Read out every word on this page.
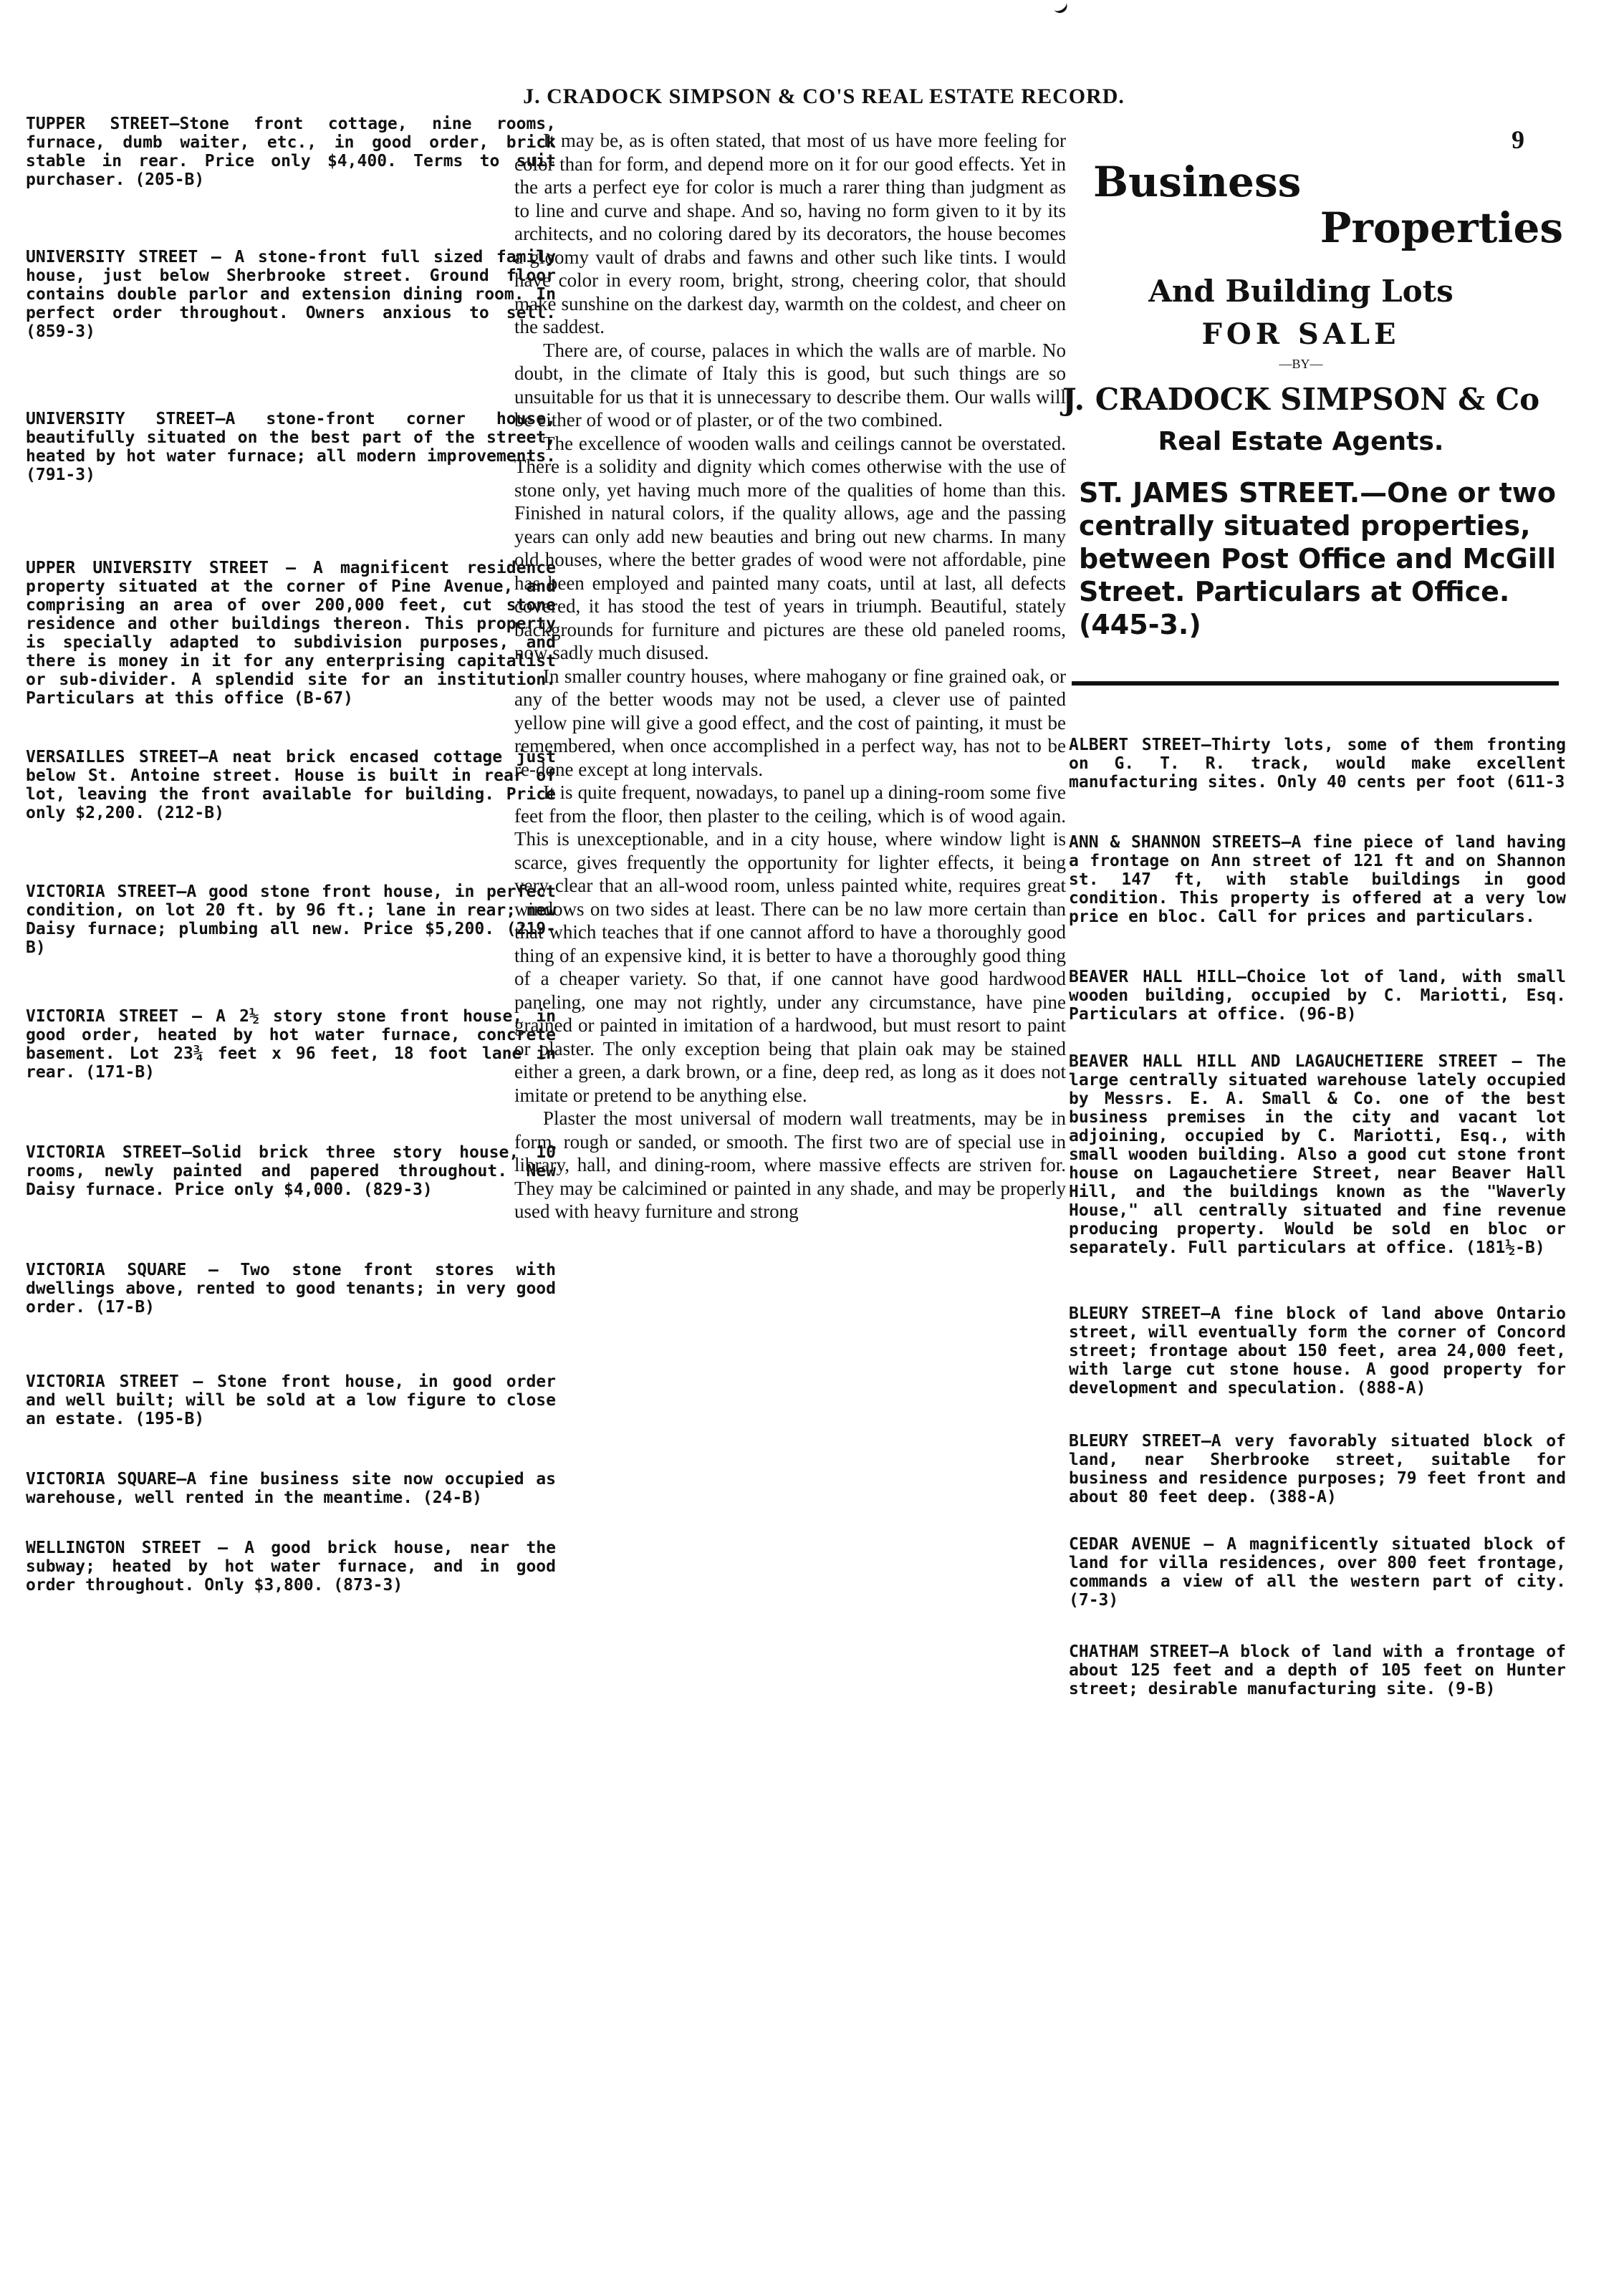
J. CRADOCK SIMPSON & CO'S REAL ESTATE RECORD.
9
TUPPER STREET—Stone front cottage, nine rooms, furnace, dumb waiter, etc., in good order, brick stable in rear. Price only $4,400. Terms to suit purchaser. (205-B)
UNIVERSITY STREET — A stone-front full sized family house, just below Sherbrooke street. Ground floor contains double parlor and extension dining room. In perfect order throughout. Owners anxious to sell. (859-3)
UNIVERSITY STREET—A stone-front corner house, beautifully situated on the best part of the street, heated by hot water furnace; all modern improvements. (791-3)
UPPER UNIVERSITY STREET — A magnificent residence property situated at the corner of Pine Avenue, and comprising an area of over 200,000 feet, cut stone residence and other buildings thereon. This property is specially adapted to subdivision purposes, and there is money in it for any enterprising capitalist or sub-divider. A splendid site for an institution. Particulars at this office (B-67)
VERSAILLES STREET—A neat brick encased cottage just below St. Antoine street. House is built in rear of lot, leaving the front available for building. Price only $2,200. (212-B)
VICTORIA STREET—A good stone front house, in perfect condition, on lot 20 ft. by 96 ft.; lane in rear; new Daisy furnace; plumbing all new. Price $5,200. (219-B)
VICTORIA STREET — A 2½ story stone front house, in good order, heated by hot water furnace, concrete basement. Lot 23¾ feet x 96 feet, 18 foot lane in rear. (171-B)
VICTORIA STREET—Solid brick three story house, 10 rooms, newly painted and papered throughout. New Daisy furnace. Price only $4,000. (829-3)
VICTORIA SQUARE — Two stone front stores with dwellings above, rented to good tenants; in very good order. (17-B)
VICTORIA STREET — Stone front house, in good order and well built; will be sold at a low figure to close an estate. (195-B)
VICTORIA SQUARE—A fine business site now occupied as warehouse, well rented in the meantime. (24-B)
WELLINGTON STREET — A good brick house, near the subway; heated by hot water furnace, and in good order throughout. Only $3,800. (873-3)

It may be, as is often stated, that most of us have more feeling for color than for form, and depend more on it for our good effects. Yet in the arts a perfect eye for color is much a rarer thing than judgment as to line and curve and shape. And so, having no form given to it by its architects, and no coloring dared by its decorators, the house becomes a gloomy vault of drabs and fawns and other such like tints. I would have color in every room, bright, strong, cheering color, that should make sunshine on the darkest day, warmth on the coldest, and cheer on the saddest.

There are, of course, palaces in which the walls are of marble. No doubt, in the climate of Italy this is good, but such things are so unsuitable for us that it is unnecessary to describe them. Our walls will be either of wood or of plaster, or of the two combined.

The excellence of wooden walls and ceilings cannot be overstated. There is a solidity and dignity which comes otherwise with the use of stone only, yet having much more of the qualities of home than this. Finished in natural colors, if the quality allows, age and the passing years can only add new beauties and bring out new charms. In many old houses, where the better grades of wood were not affordable, pine has been employed and painted many coats, until at last, all defects covered, it has stood the test of years in triumph. Beautiful, stately backgrounds for furniture and pictures are these old paneled rooms, now sadly much disused.

In smaller country houses, where mahogany or fine grained oak, or any of the better woods may not be used, a clever use of painted yellow pine will give a good effect, and the cost of painting, it must be remembered, when once accomplished in a perfect way, has not to be re-done except at long intervals.

It is quite frequent, nowadays, to panel up a dining-room some five feet from the floor, then plaster to the ceiling, which is of wood again. This is unexceptionable, and in a city house, where window light is scarce, gives frequently the opportunity for lighter effects, it being very clear that an all-wood room, unless painted white, requires great windows on two sides at least. There can be no law more certain than that which teaches that if one cannot afford to have a thoroughly good thing of an expensive kind, it is better to have a thoroughly good thing of a cheaper variety. So that, if one cannot have good hardwood paneling, one may not rightly, under any circumstance, have pine grained or painted in imitation of a hardwood, but must resort to paint or plaster. The only exception being that plain oak may be stained either a green, a dark brown, or a fine, deep red, as long as it does not imitate or pretend to be anything else.

Plaster the most universal of modern wall treatments, may be in form, rough or sanded, or smooth. The first two are of special use in library, hall, and dining-room, where massive effects are striven for. They may be calcimined or painted in any shade, and may be properly used with heavy furniture and strong

Business
Properties
And Building Lots
FOR SALE
—BY—
J. CRADOCK SIMPSON & Co
Real Estate Agents.
ST. JAMES STREET.—One or two centrally situated properties, between Post Office and McGill Street. Particulars at Office. (445-3.)
ALBERT STREET—Thirty lots, some of them fronting on G. T. R. track, would make excellent manufacturing sites. Only 40 cents per foot (611-3
ANN & SHANNON STREETS—A fine piece of land having a frontage on Ann street of 121 ft and on Shannon st. 147 ft, with stable buildings in good condition. This property is offered at a very low price en bloc. Call for prices and particulars.
BEAVER HALL HILL—Choice lot of land, with small wooden building, occupied by C. Mariotti, Esq. Particulars at office. (96-B)
BEAVER HALL HILL AND LAGAUCHETIERE STREET — The large centrally situated warehouse lately occupied by Messrs. E. A. Small & Co. one of the best business premises in the city and vacant lot adjoining, occupied by C. Mariotti, Esq., with small wooden building. Also a good cut stone front house on Lagauchetiere Street, near Beaver Hall Hill, and the buildings known as the "Waverly House," all centrally situated and fine revenue producing property. Would be sold en bloc or separately. Full particulars at office. (181½-B)
BLEURY STREET—A fine block of land above Ontario street, will eventually form the corner of Concord street; frontage about 150 feet, area 24,000 feet, with large cut stone house. A good property for development and speculation. (888-A)
BLEURY STREET—A very favorably situated block of land, near Sherbrooke street, suitable for business and residence purposes; 79 feet front and about 80 feet deep. (388-A)
CEDAR AVENUE — A magnificently situated block of land for villa residences, over 800 feet frontage, commands a view of all the western part of city. (7-3)
CHATHAM STREET—A block of land with a frontage of about 125 feet and a depth of 105 feet on Hunter street; desirable manufacturing site. (9-B)
